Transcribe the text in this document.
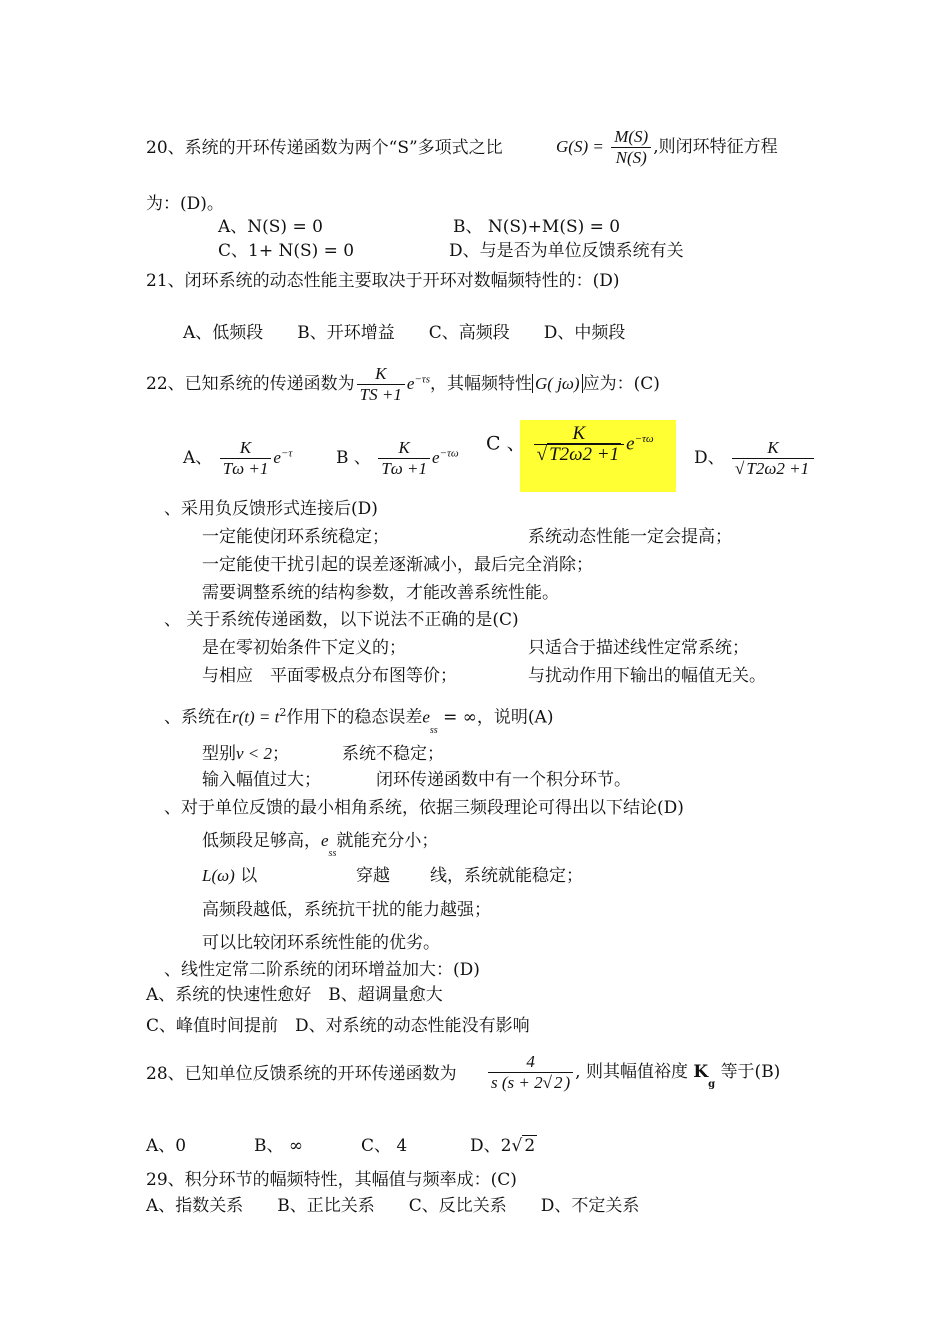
20、系统的开环传递函数为两个“S”多项式之比	$G(S) = \frac{M(S)}{N(S)}$ ,则闭环特征方程
为：(D)。
A、N(S) = 0	B、 N(S)+M(S) = 0
C、1+ N(S) = 0	D、与是否为单位反馈系统有关
21、闭环系统的动态性能主要取决于开环对数幅频特性的：(D)
A、低频段　　B、开环增益　　C、高频段　　D、中频段
22、已知系统的传递函数为 $\frac{K}{TS +1} e^{-\tau s}$，其幅频特性 G( jω) 应为：(C)
A、 $\frac{K}{T\omega +1} e^{-\tau}$	B 、 $\frac{K}{T\omega +1} e^{-\tau\omega}$ C 、 $\frac{K}{√ T2\omega 2 +1} e^{-\tau\omega}$
D、 $\frac{K}{√ T2\omega 2 +1}$
、采用负反馈形式连接后(D)
一定能使闭环系统稳定；	系统动态性能一定会提高；
一定能使干扰引起的误差逐渐减小，最后完全消除；
需要调整系统的结构参数，才能改善系统性能。
、 关于系统传递函数，以下说法不正确的是(C)
是在零初始条件下定义的；	只适合于描述线性定常系统；
与相应　平面零极点分布图等价；	与扰动作用下输出的幅值无关。
、系统在$r(t) = t^2$作用下的稳态误差$e_{ss}$ = ∞，说明(A)
型别v < 2；	系统不稳定；
输入幅值过大；	闭环传递函数中有一个积分环节。
、对于单位反馈的最小相角系统，依据三频段理论可得出以下结论(D)
低频段足够高，$e_{ss}$就能充分小；
L(ω) 以	穿越 线，系统就能稳定；
高频段越低，系统抗干扰的能力越强；
可以比较闭环系统性能的优劣。
、线性定常二阶系统的闭环增益加大：(D)
A、系统的快速性愈好　B、超调量愈大
C、峰值时间提前　D、对系统的动态性能没有影响
28、已知单位反馈系统的开环传递函数为 $\frac{4}{s (s + 2√ 2 )}$ , 则其幅值裕度 $K_g$ 等于(B)
A、0	B、 ∞	C、 4	D、2√ 2
29、积分环节的幅频特性，其幅值与频率成：(C)
A、指数关系　　B、正比关系　　C、反比关系　　D、不定关系
